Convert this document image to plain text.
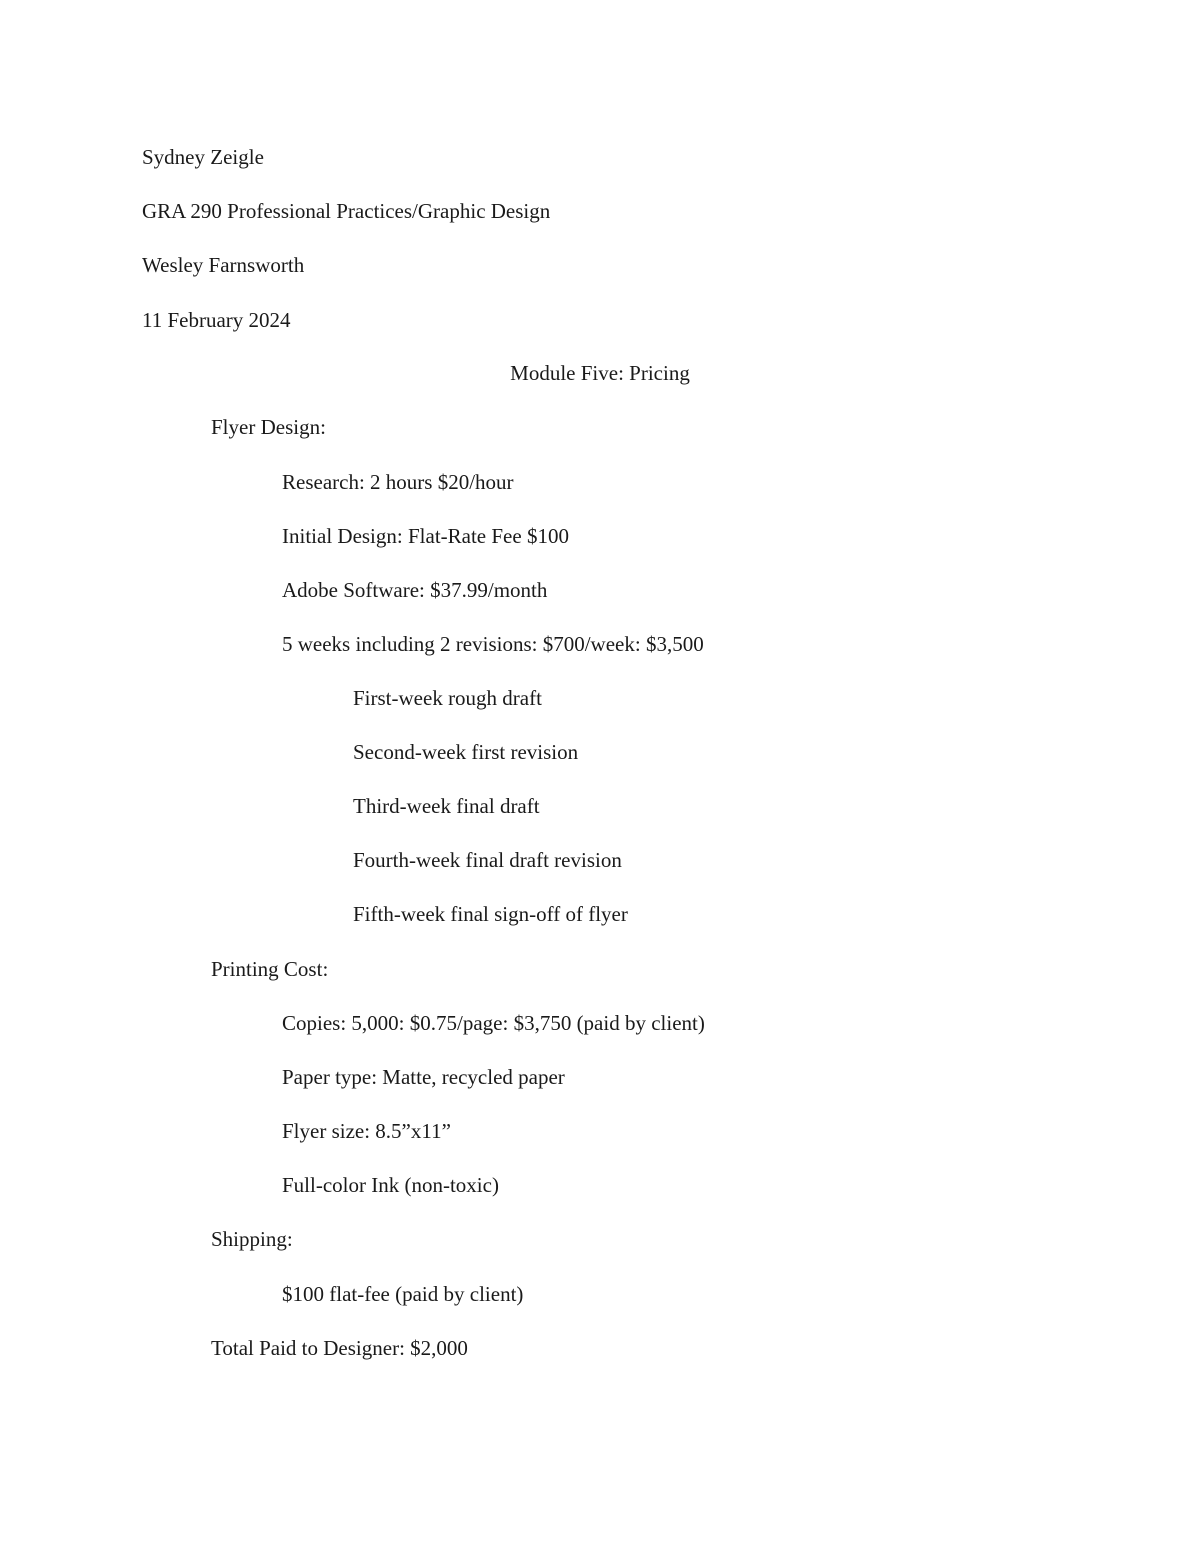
Sydney Zeigle
GRA 290 Professional Practices/Graphic Design
Wesley Farnsworth
11 February 2024
Module Five: Pricing
Flyer Design:
Research: 2 hours $20/hour
Initial Design: Flat-Rate Fee $100
Adobe Software: $37.99/month
5 weeks including 2 revisions: $700/week: $3,500
First-week rough draft
Second-week first revision
Third-week final draft
Fourth-week final draft revision
Fifth-week final sign-off of flyer
Printing Cost:
Copies: 5,000: $0.75/page: $3,750 (paid by client)
Paper type: Matte, recycled paper
Flyer size: 8.5”x11”
Full-color Ink (non-toxic)
Shipping:
$100 flat-fee (paid by client)
Total Paid to Designer: $2,000
